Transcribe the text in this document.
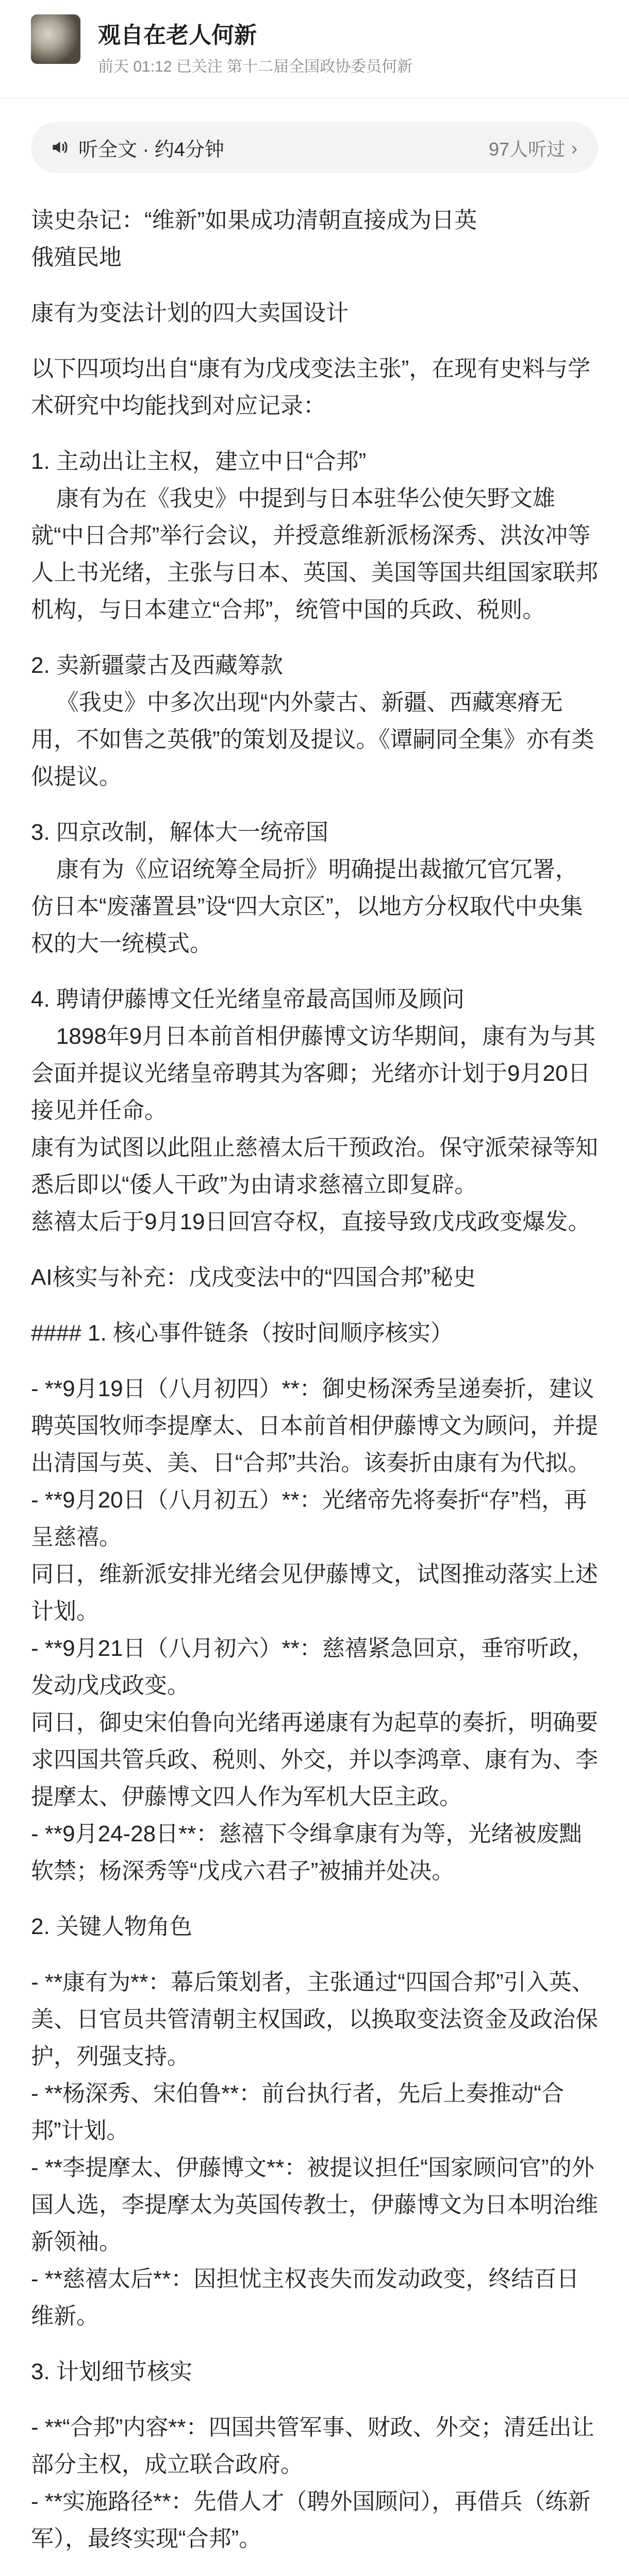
观自在老人何新
前天 01:12 已关注 第十二届全国政协委员何新
听全文 · 约4分钟	97人听过 ›

读史杂记：“维新”如果成功清朝直接成为日英
俄殖民地

康有为变法计划的四大卖国设计

以下四项均出自“康有为戊戌变法主张”，在现有史料与学术研究中均能找到对应记录：

1. 主动出让主权，建立中日“合邦”
康有为在《我史》中提到与日本驻华公使矢野文雄就“中日合邦”举行会议，并授意维新派杨深秀、洪汝冲等人上书光绪，主张与日本、英国、美国等国共组国家联邦机构，与日本建立“合邦”，统管中国的兵政、税则。

2. 卖新疆蒙古及西藏筹款
《我史》中多次出现“内外蒙古、新疆、西藏寒瘠无用，不如售之英俄”的策划及提议。《谭嗣同全集》亦有类似提议。

3. 四京改制，解体大一统帝国
康有为《应诏统筹全局折》明确提出裁撤冗官冗署，仿日本“废藩置县”设“四大京区”，以地方分权取代中央集权的大一统模式。

4. 聘请伊藤博文任光绪皇帝最高国师及顾问
1898年9月日本前首相伊藤博文访华期间，康有为与其会面并提议光绪皇帝聘其为客卿；光绪亦计划于9月20日接见并任命。
康有为试图以此阻止慈禧太后干预政治。保守派荣禄等知悉后即以“倭人干政”为由请求慈禧立即复辟。
慈禧太后于9月19日回宫夺权，直接导致戊戌政变爆发。

AI核实与补充：戊戌变法中的“四国合邦”秘史

#### 1. 核心事件链条（按时间顺序核实）

- **9月19日（八月初四）**：御史杨深秀呈递奏折，建议聘英国牧师李提摩太、日本前首相伊藤博文为顾问，并提出清国与英、美、日“合邦”共治。该奏折由康有为代拟。
- **9月20日（八月初五）**：光绪帝先将奏折“存”档，再呈慈禧。
同日，维新派安排光绪会见伊藤博文，试图推动落实上述计划。
- **9月21日（八月初六）**：慈禧紧急回京，垂帘听政，发动戊戌政变。
同日，御史宋伯鲁向光绪再递康有为起草的奏折，明确要求四国共管兵政、税则、外交，并以李鸿章、康有为、李提摩太、伊藤博文四人作为军机大臣主政。
- **9月24-28日**：慈禧下令缉拿康有为等，光绪被废黜软禁；杨深秀等“戊戌六君子”被捕并处决。

2. 关键人物角色

- **康有为**：幕后策划者，主张通过“四国合邦”引入英、美、日官员共管清朝主权国政，以换取变法资金及政治保护，列强支持。
- **杨深秀、宋伯鲁**：前台执行者，先后上奏推动“合邦”计划。
- **李提摩太、伊藤博文**：被提议担任“国家顾问官”的外国人选，李提摩太为英国传教士，伊藤博文为日本明治维新领袖。
- **慈禧太后**：因担忧主权丧失而发动政变，终结百日维新。

3. 计划细节核实

- **“合邦”内容**：四国共管军事、财政、外交；清廷出让部分主权，成立联合政府。
- **实施路径**：先借人才（聘外国顾问），再借兵（练新军），最终实现“合邦”。
